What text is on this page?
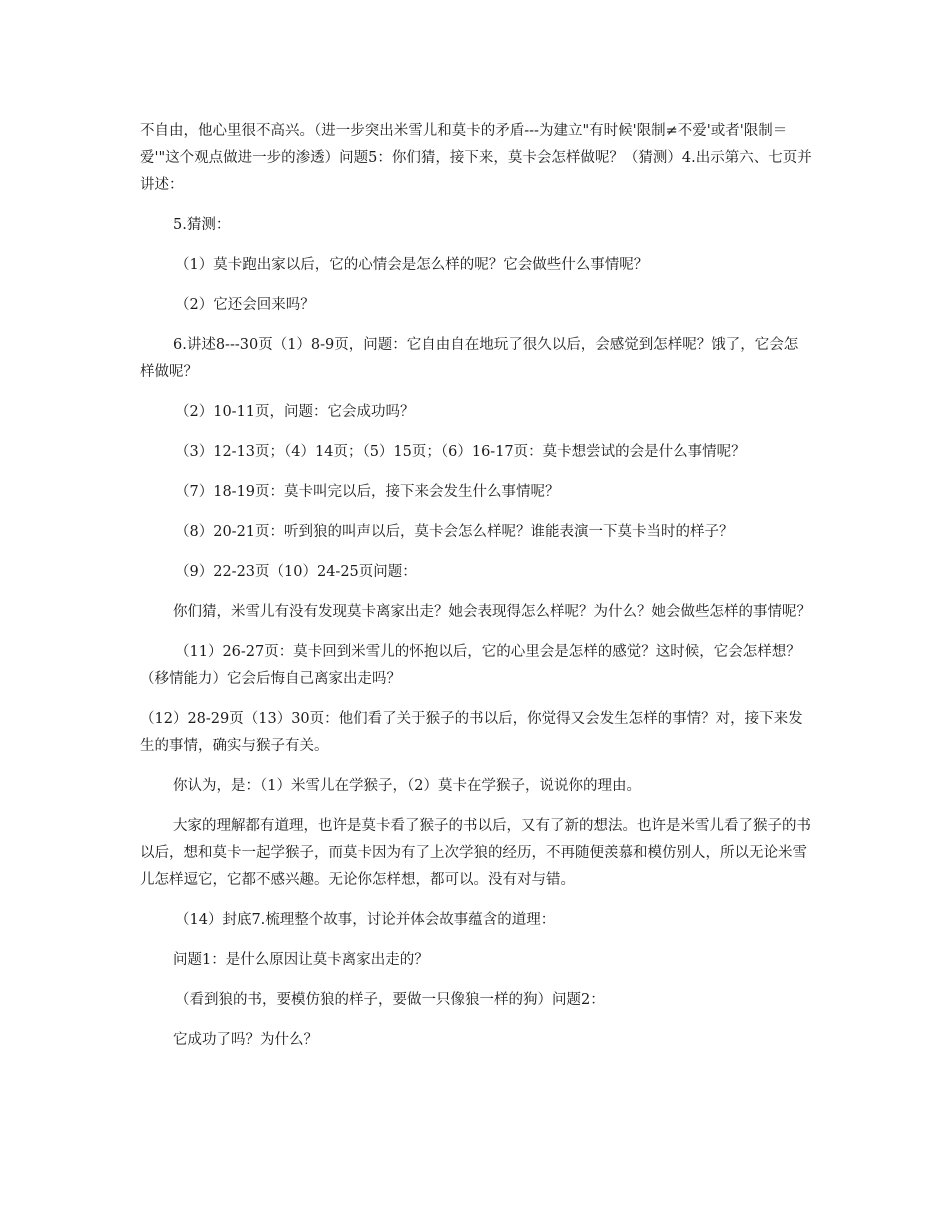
不自由，他心里很不高兴。（进一步突出米雪儿和莫卡的矛盾---为建立"有时候'限制≠不爱'或者'限制＝爱'"这个观点做进一步的渗透）问题5：你们猜，接下来，莫卡会怎样做呢？（猜测）4.出示第六、七页并讲述：

5.猜测：

（1）莫卡跑出家以后，它的心情会是怎么样的呢？它会做些什么事情呢？

（2）它还会回来吗？

6.讲述8---30页（1）8-9页，问题：它自由自在地玩了很久以后，会感觉到怎样呢？饿了，它会怎样做呢？

（2）10-11页，问题：它会成功吗？

（3）12-13页；（4）14页；（5）15页；（6）16-17页：莫卡想尝试的会是什么事情呢？

（7）18-19页：莫卡叫完以后，接下来会发生什么事情呢？

（8）20-21页：听到狼的叫声以后，莫卡会怎么样呢？谁能表演一下莫卡当时的样子？

（9）22-23页（10）24-25页问题：

你们猜，米雪儿有没有发现莫卡离家出走？她会表现得怎么样呢？为什么？她会做些怎样的事情呢？

（11）26-27页：莫卡回到米雪儿的怀抱以后，它的心里会是怎样的感觉？这时候，它会怎样想？（移情能力）它会后悔自己离家出走吗？

（12）28-29页（13）30页：他们看了关于猴子的书以后，你觉得又会发生怎样的事情？对，接下来发生的事情，确实与猴子有关。

你认为，是：（1）米雪儿在学猴子，（2）莫卡在学猴子，说说你的理由。

大家的理解都有道理，也许是莫卡看了猴子的书以后，又有了新的想法。也许是米雪儿看了猴子的书以后，想和莫卡一起学猴子，而莫卡因为有了上次学狼的经历，不再随便羡慕和模仿别人，所以无论米雪儿怎样逗它，它都不感兴趣。无论你怎样想，都可以。没有对与错。

（14）封底7.梳理整个故事，讨论并体会故事蕴含的道理：

问题1：是什么原因让莫卡离家出走的？

（看到狼的书，要模仿狼的样子，要做一只像狼一样的狗）问题2：

它成功了吗？为什么？
